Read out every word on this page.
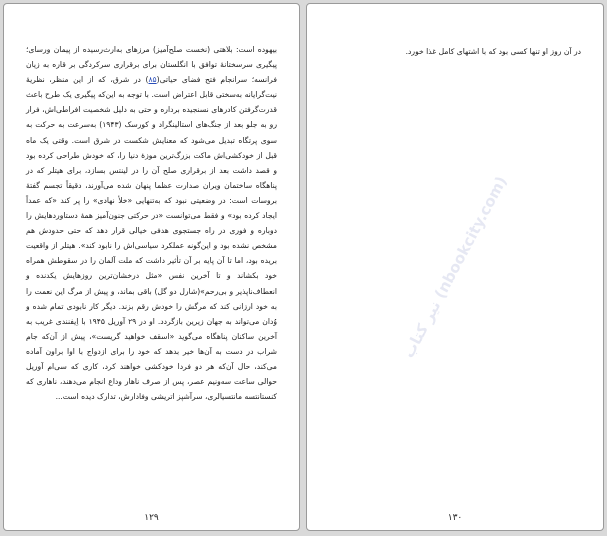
بیهوده است: بلاهتی (نخست صلح‌آمیز) مرزهای به‌ارث‌رسیده از پیمان ورسای؛ پیگیری سرسختانهٔ توافق با انگلستان برای برقراری سرکردگی بر قاره به زیان فرانسه؛ سرانجام فتح فضای حیاتی(۸۵) در شرق، که از این منظر، نظریهٔ نیت‌گرایانه به‌سختی قابل اعتراض است. با توجه به این‌که پیگیری یک طرح باعث قدرت‌گرفتن کادرهای نسنجیده برداره و حتی به دلیل شخصیت افراطی‌اش، فرار رو به جلو بعد از جنگ‌های استالینگراد و کورسک (۱۹۴۳) به‌سرعت به حرکت به سوی پرتگاه تبدیل می‌شود که معنایش شکست در شرق است. وقتی یک ماه قبل از خودکشی‌اش ماکت بزرگ‌ترین موزهٔ دنیا را، که خودش طراحی کرده بود و قصد داشت بعد از برقراری صلح آن را در لینتس بسازد، برای هیتلر که در پناهگاه ساختمان ویران صدارت عظما پنهان شده می‌آورند، دقیقاً تجسم گفتهٔ بروسات است: در وضعیتی نبود که به‌تنهایی «خلأ نهادی» را پر کند «که عمداً ایجاد کرده بود» و فقط می‌توانست «در حرکتی جنون‌آمیز همهٔ دستاوردهایش را دوباره و فوری در راه جستجوی هدفی خیالی قرار دهد که حتی حدودش هم مشخص نشده بود و این‌گونه عملکرد سیاسی‌اش را نابود کند». هیتلر از واقعیت بریده بود، اما تا آن پایه بر آن تأثیر داشت که ملت آلمان را در سقوطش همراه خود بکشاند و تا آخرین نفس «مثل درخشان‌ترین روزهایش یکدنده و انعطاف‌ناپذیر و بی‌رحم»(شارل دو گل) باقی بماند، و پیش از مرگ این نعمت را به خود ارزانی کند که مرگش را خودش رقم بزند. دیگر کار نابودی تمام شده و وُدان می‌تواند به جهان زیرین بازگردد. او در ۲۹ آوریل ۱۹۴۵ با اِیفنندی غریب به آخرین ساکنان پناهگاه می‌گوید «اسقف خواهید گریست»، پیش از آن‌که جام شراب در دست به آن‌ها خیر بدهد که خود را برای ازدواج با اوا براون آماده می‌کند، حال آن‌که هر دو فردا خودکشی خواهند کرد، کاری که سی‌ام آوریل حوالی ساعت سه‌ونیم عصر، پس از صرف ناهار وداع انجام می‌دهند، ناهاری که کنستانتسه مانتسیالری، سرآشپز اتریشی وفادارش، تدارک دیده است...

۱۲۹

در آن روز او تنها کسی بود که با اشتهای کامل غذا خورد.

نیر کتاب (nbookcity.com)
۱۳۰
